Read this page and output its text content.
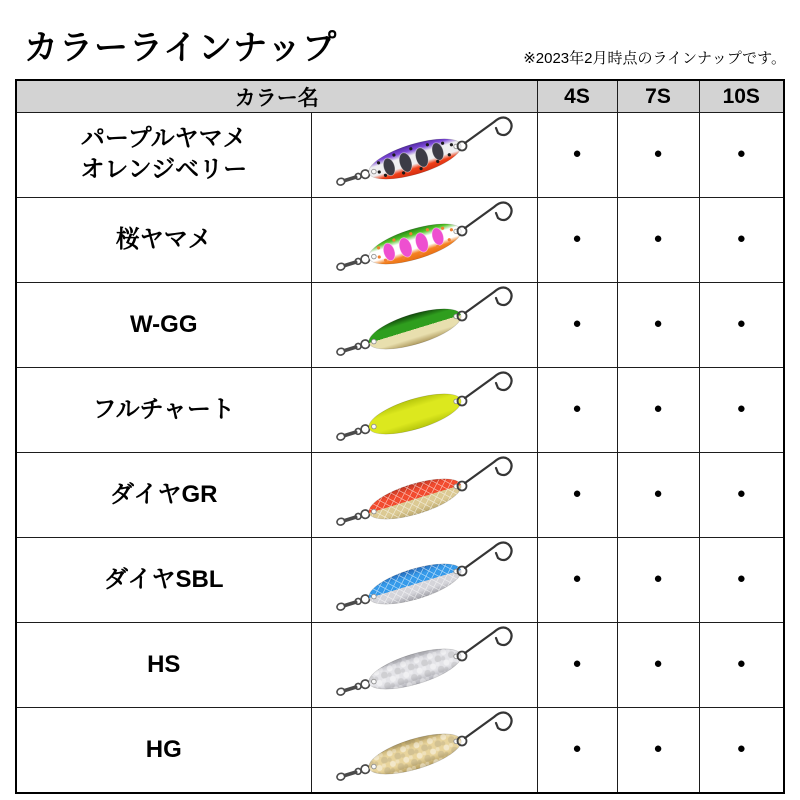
カラーラインナップ	※2023年2月時点のラインナップです。
カラー名		4S	7S	10S

パープルヤマメ
オレンジベリー		●	●	●

桜ヤマメ		●	●	●

W-GG		●	●	●

フルチャート		●	●	●

ダイヤGR		●	●	●

ダイヤSBL		●	●	●

HS		●	●	●

HG		●	●	●
